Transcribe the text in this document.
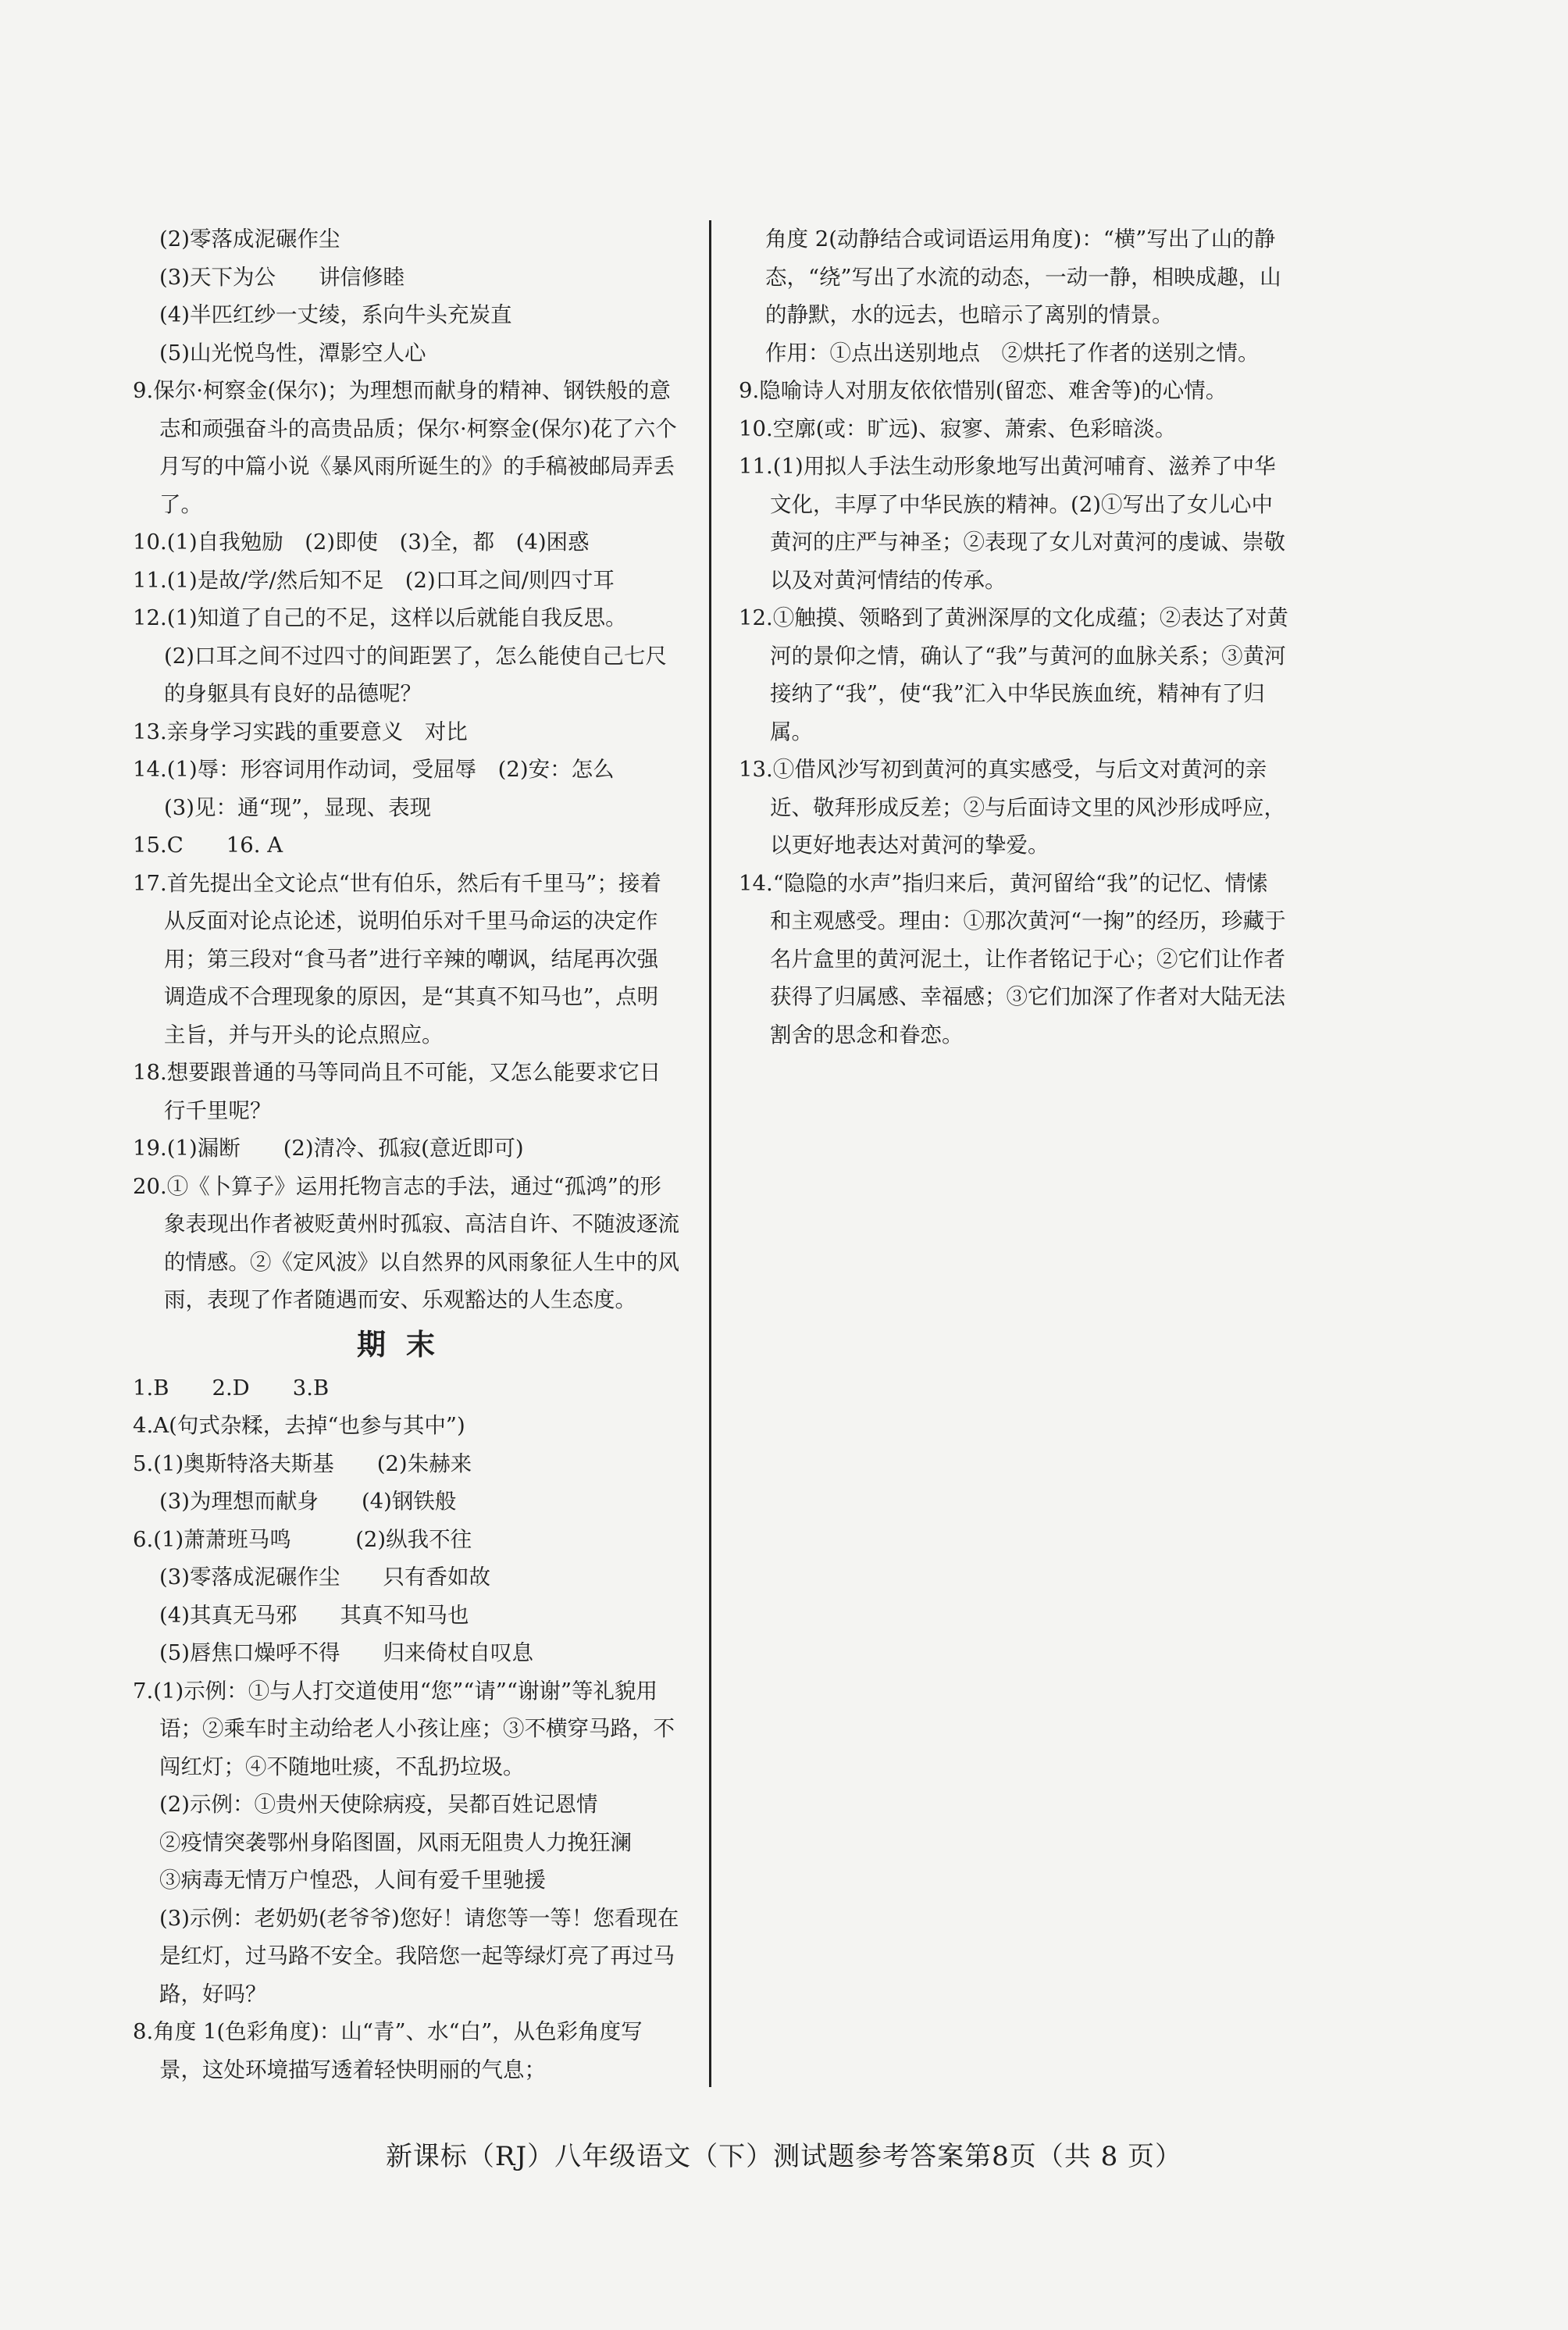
(2)零落成泥碾作尘
(3)天下为公　　讲信修睦
(4)半匹红纱一丈绫，系向牛头充炭直
(5)山光悦鸟性，潭影空人心
9.保尔·柯察金(保尔)；为理想而献身的精神、钢铁般的意志和顽强奋斗的高贵品质；保尔·柯察金(保尔)花了六个月写的中篇小说《暴风雨所诞生的》的手稿被邮局弄丢了。
10.(1)自我勉励　(2)即使　(3)全，都　(4)困惑
11.(1)是故/学/然后知不足　(2)口耳之间/则四寸耳
12.(1)知道了自己的不足，这样以后就能自我反思。
(2)口耳之间不过四寸的间距罢了，怎么能使自己七尺的身躯具有良好的品德呢？
13.亲身学习实践的重要意义　对比
14.(1)辱：形容词用作动词，受屈辱　(2)安：怎么
(3)见：通“现”，显现、表现
15.C　　16. A
17.首先提出全文论点“世有伯乐，然后有千里马”；接着从反面对论点论述，说明伯乐对千里马命运的决定作用；第三段对“食马者”进行辛辣的嘲讽，结尾再次强调造成不合理现象的原因，是“其真不知马也”，点明主旨，并与开头的论点照应。
18.想要跟普通的马等同尚且不可能，又怎么能要求它日行千里呢？
19.(1)漏断　　(2)清冷、孤寂(意近即可)
20.①《卜算子》运用托物言志的手法，通过“孤鸿”的形象表现出作者被贬黄州时孤寂、高洁自许、不随波逐流的情感。②《定风波》以自然界的风雨象征人生中的风雨，表现了作者随遇而安、乐观豁达的人生态度。
期末
1.B　　2.D　　3.B
4.A(句式杂糅，去掉“也参与其中”)
5.(1)奥斯特洛夫斯基　　(2)朱赫来
(3)为理想而献身　　(4)钢铁般
6.(1)萧萧班马鸣　　　(2)纵我不往
(3)零落成泥碾作尘　　只有香如故
(4)其真无马邪　　其真不知马也
(5)唇焦口燥呼不得　　归来倚杖自叹息
7.(1)示例：①与人打交道使用“您”“请”“谢谢”等礼貌用语；②乘车时主动给老人小孩让座；③不横穿马路，不闯红灯；④不随地吐痰，不乱扔垃圾。
(2)示例：①贵州天使除病疫，吴都百姓记恩情
②疫情突袭鄂州身陷图圄，风雨无阻贵人力挽狂澜
③病毒无情万户惶恐，人间有爱千里驰援
(3)示例：老奶奶(老爷爷)您好！请您等一等！您看现在是红灯，过马路不安全。我陪您一起等绿灯亮了再过马路，好吗？
8.角度 1(色彩角度)：山“青”、水“白”，从色彩角度写景，这处环境描写透着轻快明丽的气息；
角度 2(动静结合或词语运用角度)：“横”写出了山的静态，“绕”写出了水流的动态，一动一静，相映成趣，山的静默，水的远去，也暗示了离别的情景。
作用：①点出送别地点　②烘托了作者的送别之情。
9.隐喻诗人对朋友依依惜别(留恋、难舍等)的心情。
10.空廓(或：旷远)、寂寥、萧索、色彩暗淡。
11.(1)用拟人手法生动形象地写出黄河哺育、滋养了中华文化，丰厚了中华民族的精神。(2)①写出了女儿心中黄河的庄严与神圣；②表现了女儿对黄河的虔诚、崇敬以及对黄河情结的传承。
12.①触摸、领略到了黄洲深厚的文化成蕴；②表达了对黄河的景仰之情，确认了“我”与黄河的血脉关系；③黄河接纳了“我”，使“我”汇入中华民族血统，精神有了归属。
13.①借风沙写初到黄河的真实感受，与后文对黄河的亲近、敬拜形成反差；②与后面诗文里的风沙形成呼应，以更好地表达对黄河的挚爱。
14.“隐隐的水声”指归来后，黄河留给“我”的记忆、情愫和主观感受。理由：①那次黄河“一掬”的经历，珍藏于名片盒里的黄河泥土，让作者铭记于心；②它们让作者获得了归属感、幸福感；③它们加深了作者对大陆无法割舍的思念和眷恋。
新课标（RJ）八年级语文（下）测试题参考答案第8页（共 8 页）
